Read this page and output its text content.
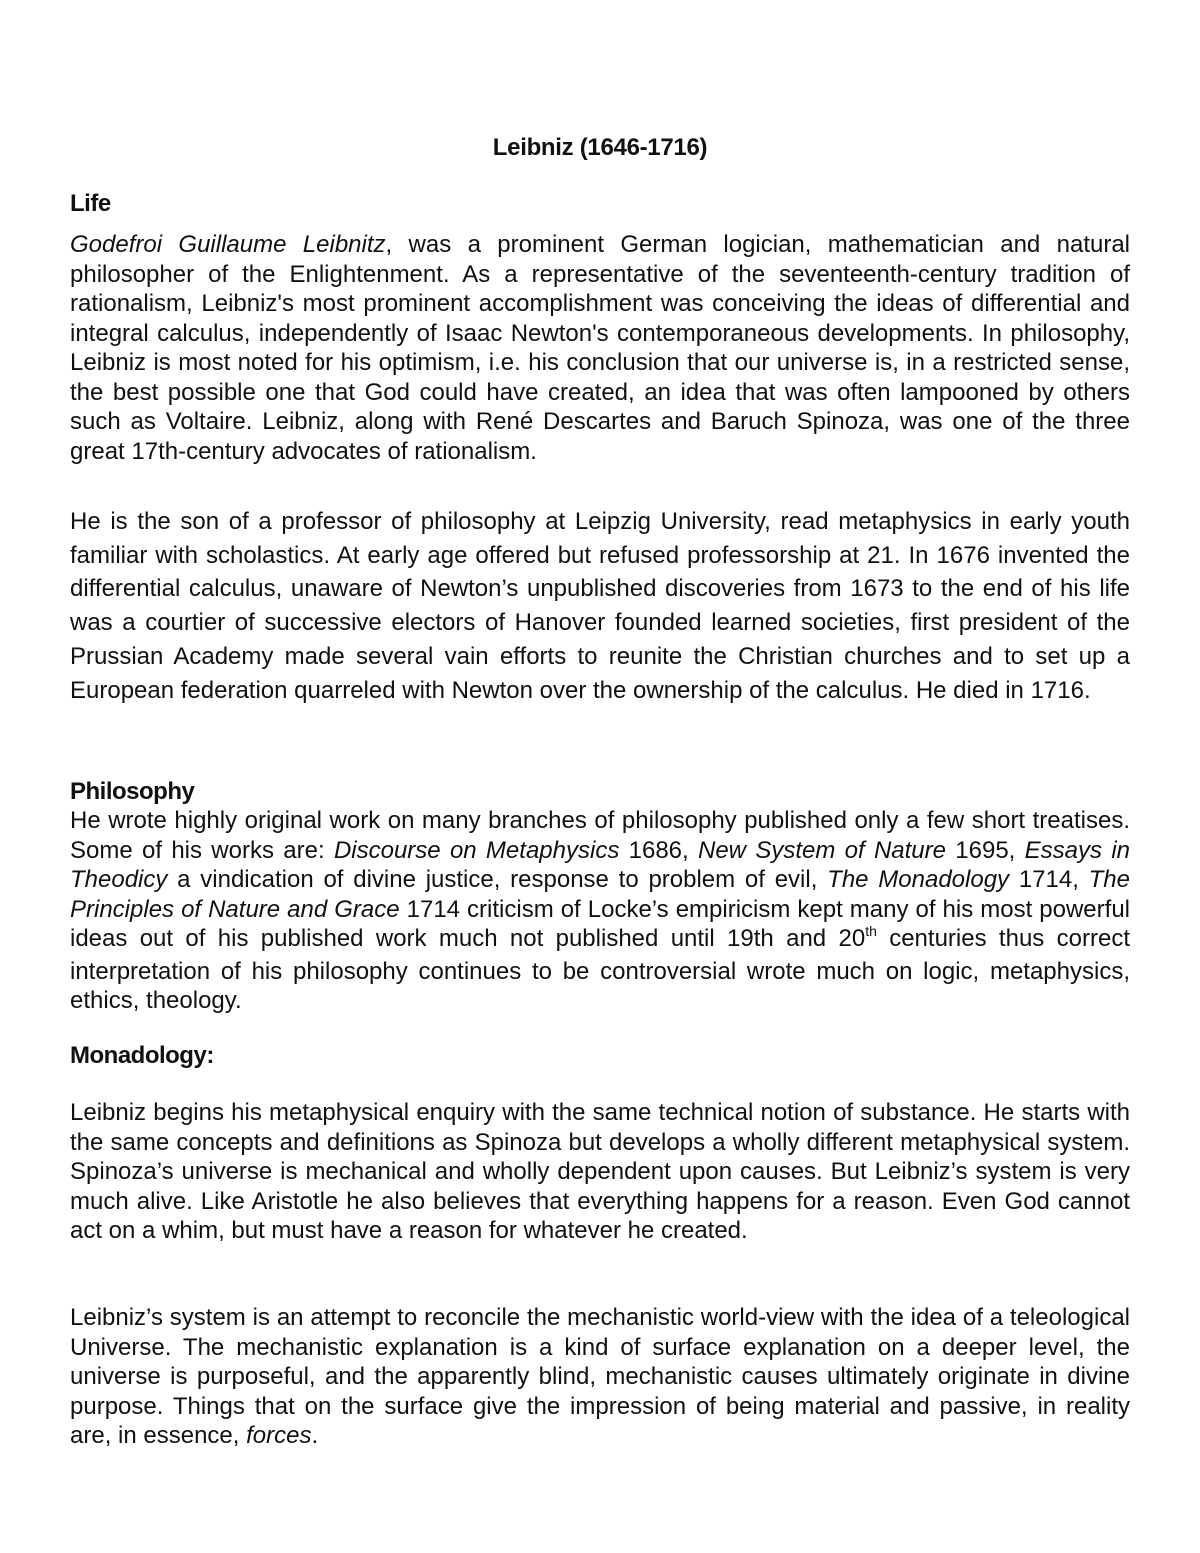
Leibniz (1646-1716)
Life

Godefroi Guillaume Leibnitz, was a prominent German logician, mathematician and natural philosopher of the Enlightenment. As a representative of the seventeenth-century tradition of rationalism, Leibniz's most prominent accomplishment was conceiving the ideas of differential and integral calculus, independently of Isaac Newton's contemporaneous developments. In philosophy, Leibniz is most noted for his optimism, i.e. his conclusion that our universe is, in a restricted sense, the best possible one that God could have created, an idea that was often lampooned by others such as Voltaire. Leibniz, along with René Descartes and Baruch Spinoza, was one of the three great 17th-century advocates of rationalism.

He is the son of a professor of philosophy at Leipzig University, read metaphysics in early youth familiar with scholastics. At early age offered but refused professorship at 21. In 1676 invented the differential calculus, unaware of Newton’s unpublished discoveries from 1673 to the end of his life was a courtier of successive electors of Hanover founded learned societies, first president of the Prussian Academy made several vain efforts to reunite the Christian churches and to set up a European federation quarreled with Newton over the ownership of the calculus. He died in 1716.

Philosophy

He wrote highly original work on many branches of philosophy published only a few short treatises. Some of his works are: Discourse on Metaphysics 1686, New System of Nature 1695, Essays in Theodicy a vindication of divine justice, response to problem of evil, The Monadology 1714, The Principles of Nature and Grace 1714 criticism of Locke’s empiricism kept many of his most powerful ideas out of his published work much not published until 19th and 20th centuries thus correct interpretation of his philosophy continues to be controversial wrote much on logic, metaphysics, ethics, theology.

Monadology:

Leibniz begins his metaphysical enquiry with the same technical notion of substance. He starts with the same concepts and definitions as Spinoza but develops a wholly different metaphysical system. Spinoza’s universe is mechanical and wholly dependent upon causes. But Leibniz’s system is very much alive. Like Aristotle he also believes that everything happens for a reason. Even God cannot act on a whim, but must have a reason for whatever he created.

Leibniz’s system is an attempt to reconcile the mechanistic world-view with the idea of a teleological Universe. The mechanistic explanation is a kind of surface explanation on a deeper level, the universe is purposeful, and the apparently blind, mechanistic causes ultimately originate in divine purpose. Things that on the surface give the impression of being material and passive, in reality are, in essence, forces.
